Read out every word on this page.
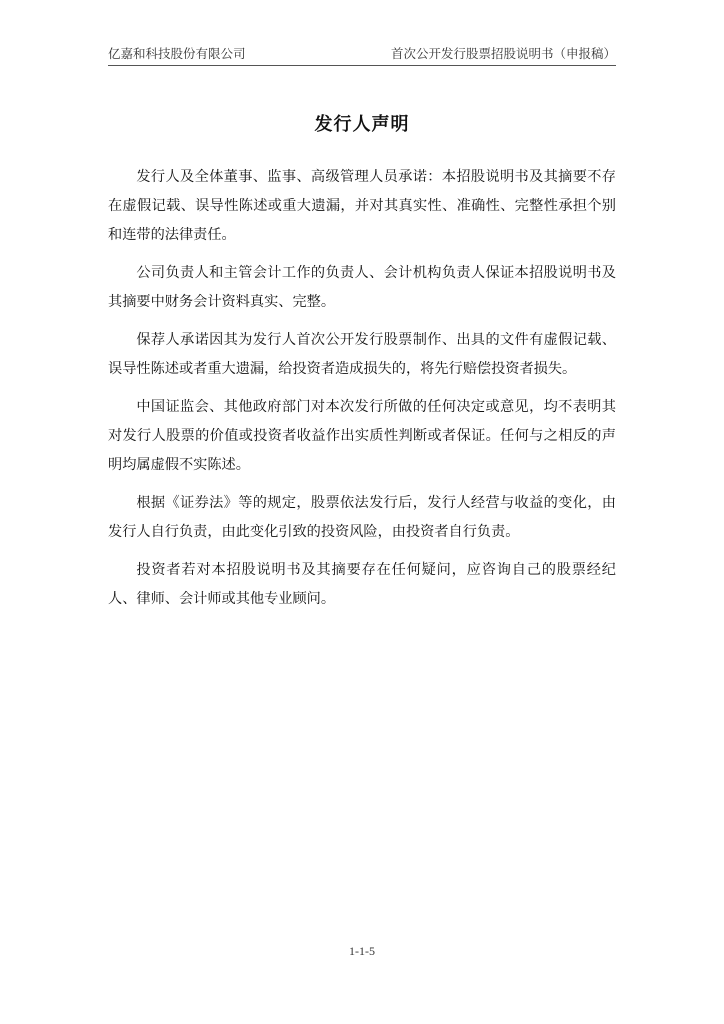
亿嘉和科技股份有限公司	首次公开发行股票招股说明书（申报稿）
发行人声明

发行人及全体董事、监事、高级管理人员承诺：本招股说明书及其摘要不存在虚假记载、误导性陈述或重大遗漏，并对其真实性、准确性、完整性承担个别和连带的法律责任。

公司负责人和主管会计工作的负责人、会计机构负责人保证本招股说明书及其摘要中财务会计资料真实、完整。

保荐人承诺因其为发行人首次公开发行股票制作、出具的文件有虚假记载、误导性陈述或者重大遗漏，给投资者造成损失的，将先行赔偿投资者损失。

中国证监会、其他政府部门对本次发行所做的任何决定或意见，均不表明其对发行人股票的价值或投资者收益作出实质性判断或者保证。任何与之相反的声明均属虚假不实陈述。

根据《证券法》等的规定，股票依法发行后，发行人经营与收益的变化，由发行人自行负责，由此变化引致的投资风险，由投资者自行负责。

投资者若对本招股说明书及其摘要存在任何疑问，应咨询自己的股票经纪人、律师、会计师或其他专业顾问。

1-1-5
